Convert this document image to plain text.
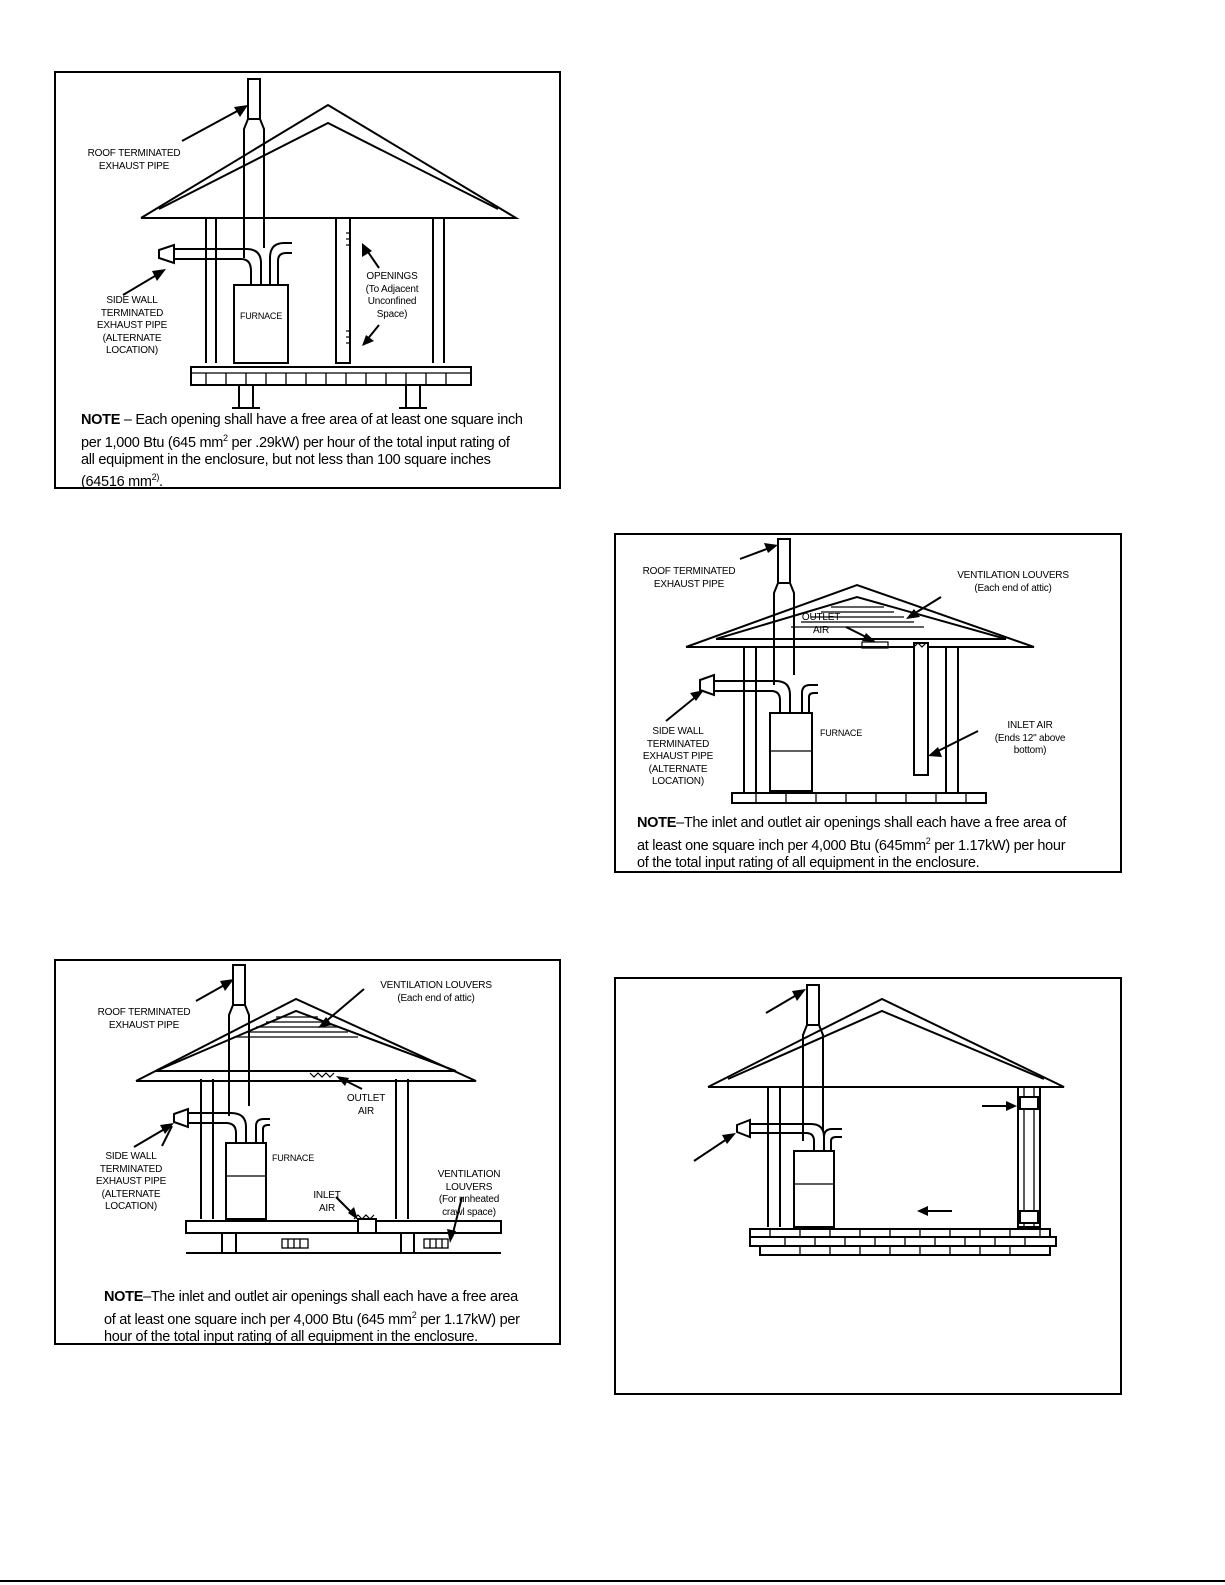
ROOF TERMINATED
EXHAUST PIPE
SIDE WALL
TERMINATED
EXHAUST PIPE
(ALTERNATE
LOCATION)
FURNACE
OPENINGS
(To Adjacent
Unconfined
Space)
NOTE – Each opening shall have a free area of at least one square inch
per 1,000 Btu (645 $mm^2$ per .29kW) per hour of the total input rating of
all equipment in the enclosure, but not less than 100 square inches
(64516 $mm^{2)}$.
ROOF TERMINATED
EXHAUST PIPE
VENTILATION LOUVERS
(Each end of attic)
OUTLET
AIR
SIDE WALL
TERMINATED
EXHAUST PIPE
(ALTERNATE
LOCATION)
FURNACE
INLET AIR
(Ends 12" above
bottom)
NOTE–The inlet and outlet air openings shall each have a free area of
at least one square inch per 4,000 Btu ($645mm^2$ per 1.17kW) per hour
of the total input rating of all equipment in the enclosure.
ROOF TERMINATED
EXHAUST PIPE
VENTILATION LOUVERS
(Each end of attic)
OUTLET
AIR
SIDE WALL
TERMINATED
EXHAUST PIPE
(ALTERNATE
LOCATION)
FURNACE
INLET
AIR
VENTILATION
LOUVERS
(For unheated
crawl space)
NOTE–The inlet and outlet air openings shall each have a free area
of at least one square inch per 4,000 Btu (645 $mm^2$ per 1.17kW) per
hour of the total input rating of all equipment in the enclosure.
